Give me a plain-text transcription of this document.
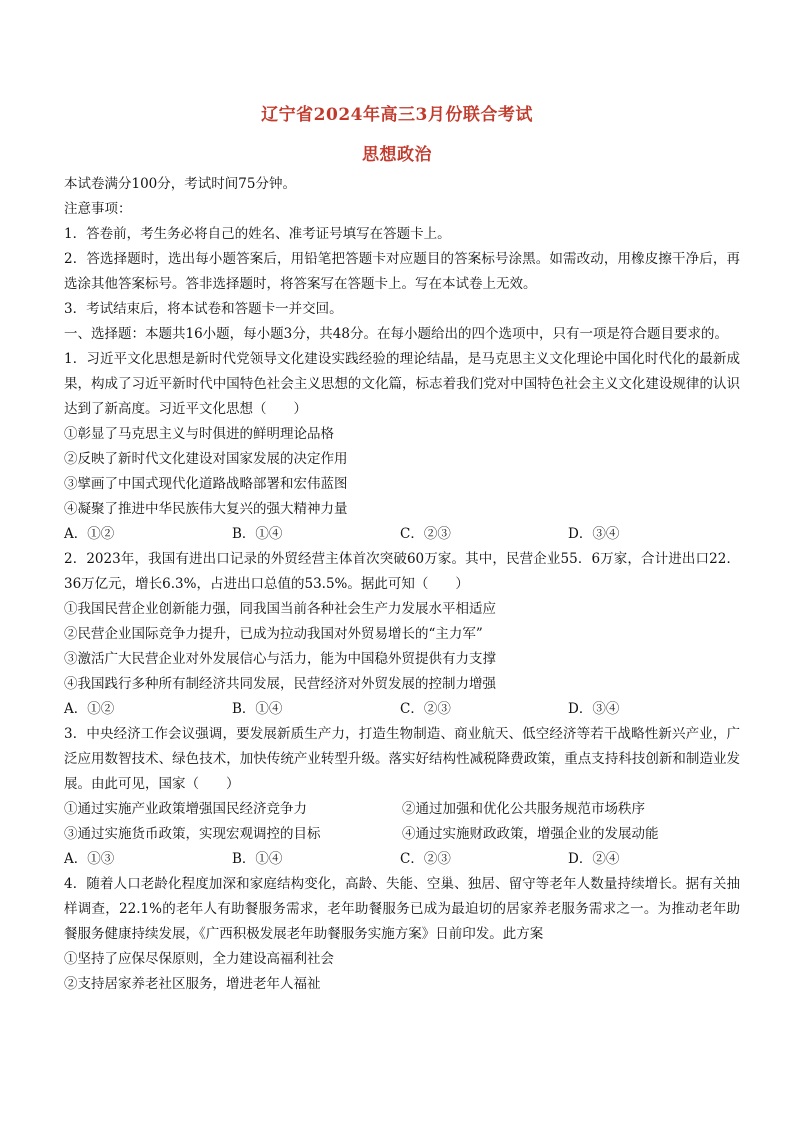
辽宁省2024年高三3月份联合考试
思想政治

本试卷满分100分，考试时间75分钟。

注意事项：

1．答卷前，考生务必将自己的姓名、准考证号填写在答题卡上。

2．答选择题时，选出每小题答案后，用铅笔把答题卡对应题目的答案标号涂黑。如需改动，用橡皮擦干净后，再选涂其他答案标号。答非选择题时，将答案写在答题卡上。写在本试卷上无效。

3．考试结束后，将本试卷和答题卡一并交回。

一、选择题：本题共16小题，每小题3分，共48分。在每小题给出的四个选项中，只有一项是符合题目要求的。

1．习近平文化思想是新时代党领导文化建设实践经验的理论结晶，是马克思主义文化理论中国化时代化的最新成果，构成了习近平新时代中国特色社会主义思想的文化篇，标志着我们党对中国特色社会主义文化建设规律的认识达到了新高度。习近平文化思想（　　）

①彰显了马克思主义与时俱进的鲜明理论品格

②反映了新时代文化建设对国家发展的决定作用

③擘画了中国式现代化道路战略部署和宏伟蓝图

④凝聚了推进中华民族伟大复兴的强大精神力量

A．①②	B．①④	C．②③	D．③④

2．2023年，我国有进出口记录的外贸经营主体首次突破60万家。其中，民营企业55．6万家，合计进出口22．36万亿元，增长6.3%，占进出口总值的53.5%。据此可知（　　）

①我国民营企业创新能力强，同我国当前各种社会生产力发展水平相适应

②民营企业国际竞争力提升，已成为拉动我国对外贸易增长的“主力军”

③激活广大民营企业对外发展信心与活力，能为中国稳外贸提供有力支撑

④我国践行多种所有制经济共同发展，民营经济对外贸发展的控制力增强

A．①②	B．①④	C．②③	D．③④

3．中央经济工作会议强调，要发展新质生产力，打造生物制造、商业航天、低空经济等若干战略性新兴产业，广泛应用数智技术、绿色技术，加快传统产业转型升级。落实好结构性减税降费政策，重点支持科技创新和制造业发展。由此可见，国家（　　）

①通过实施产业政策增强国民经济竞争力	②通过加强和优化公共服务规范市场秩序
③通过实施货币政策，实现宏观调控的目标	④通过实施财政政策，增强企业的发展动能
A．①③	B．①④	C．②③	D．②④

4．随着人口老龄化程度加深和家庭结构变化，高龄、失能、空巢、独居、留守等老年人数量持续增长。据有关抽样调查，22.1%的老年人有助餐服务需求，老年助餐服务已成为最迫切的居家养老服务需求之一。为推动老年助餐服务健康持续发展，《广西积极发展老年助餐服务实施方案》日前印发。此方案

①坚持了应保尽保原则，全力建设高福利社会

②支持居家养老社区服务，增进老年人福祉
